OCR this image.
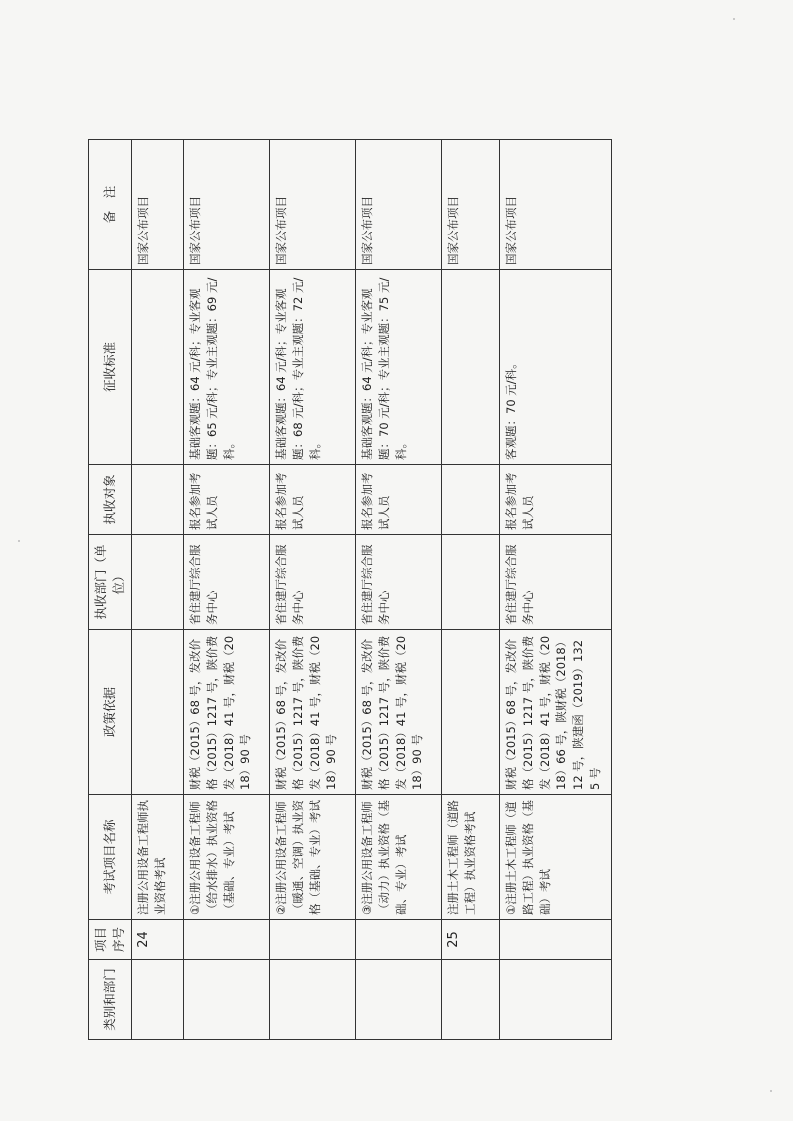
类别和部门	项目序号	考试项目名称	政策依据	执收部门（单位）	执收对象	征收标准	备　注
	24	注册公用设备工程师执业资格考试					国家公布项目
		①注册公用设备工程师（给水排水）执业资格（基础、专业）考试	财税（2015）68 号，发改价格（2015）1217 号，陕价费发（2018）41 号，财税（2018）90 号	省住建厅综合服务中心	报名参加考试人员	基础客观题：64 元/科；专业客观题：65 元/科；专业主观题：69 元/科。	国家公布项目
		②注册公用设备工程师（暖通、空调）执业资格（基础、专业）考试	财税（2015）68 号，发改价格（2015）1217 号，陕价费发（2018）41 号，财税（2018）90 号	省住建厅综合服务中心	报名参加考试人员	基础客观题：64 元/科；专业客观题：68 元/科；专业主观题：72 元/科。	国家公布项目
		③注册公用设备工程师（动力）执业资格（基础、专业）考试	财税（2015）68 号，发改价格（2015）1217 号，陕价费发（2018）41 号，财税（2018）90 号	省住建厅综合服务中心	报名参加考试人员	基础客观题：64 元/科；专业客观题：70 元/科；专业主观题：75 元/科。	国家公布项目
	25	注册土木工程师（道路工程）执业资格考试					国家公布项目
		①注册土木工程师（道路工程）执业资格（基础）考试	财税（2015）68 号，发改价格（2015）1217 号，陕价费发（2018）41 号，财税（2018）66 号，陕财税（2018）12 号，陕建函（2019）1325 号	省住建厅综合服务中心	报名参加考试人员	客观题：70 元/科。	国家公布项目
